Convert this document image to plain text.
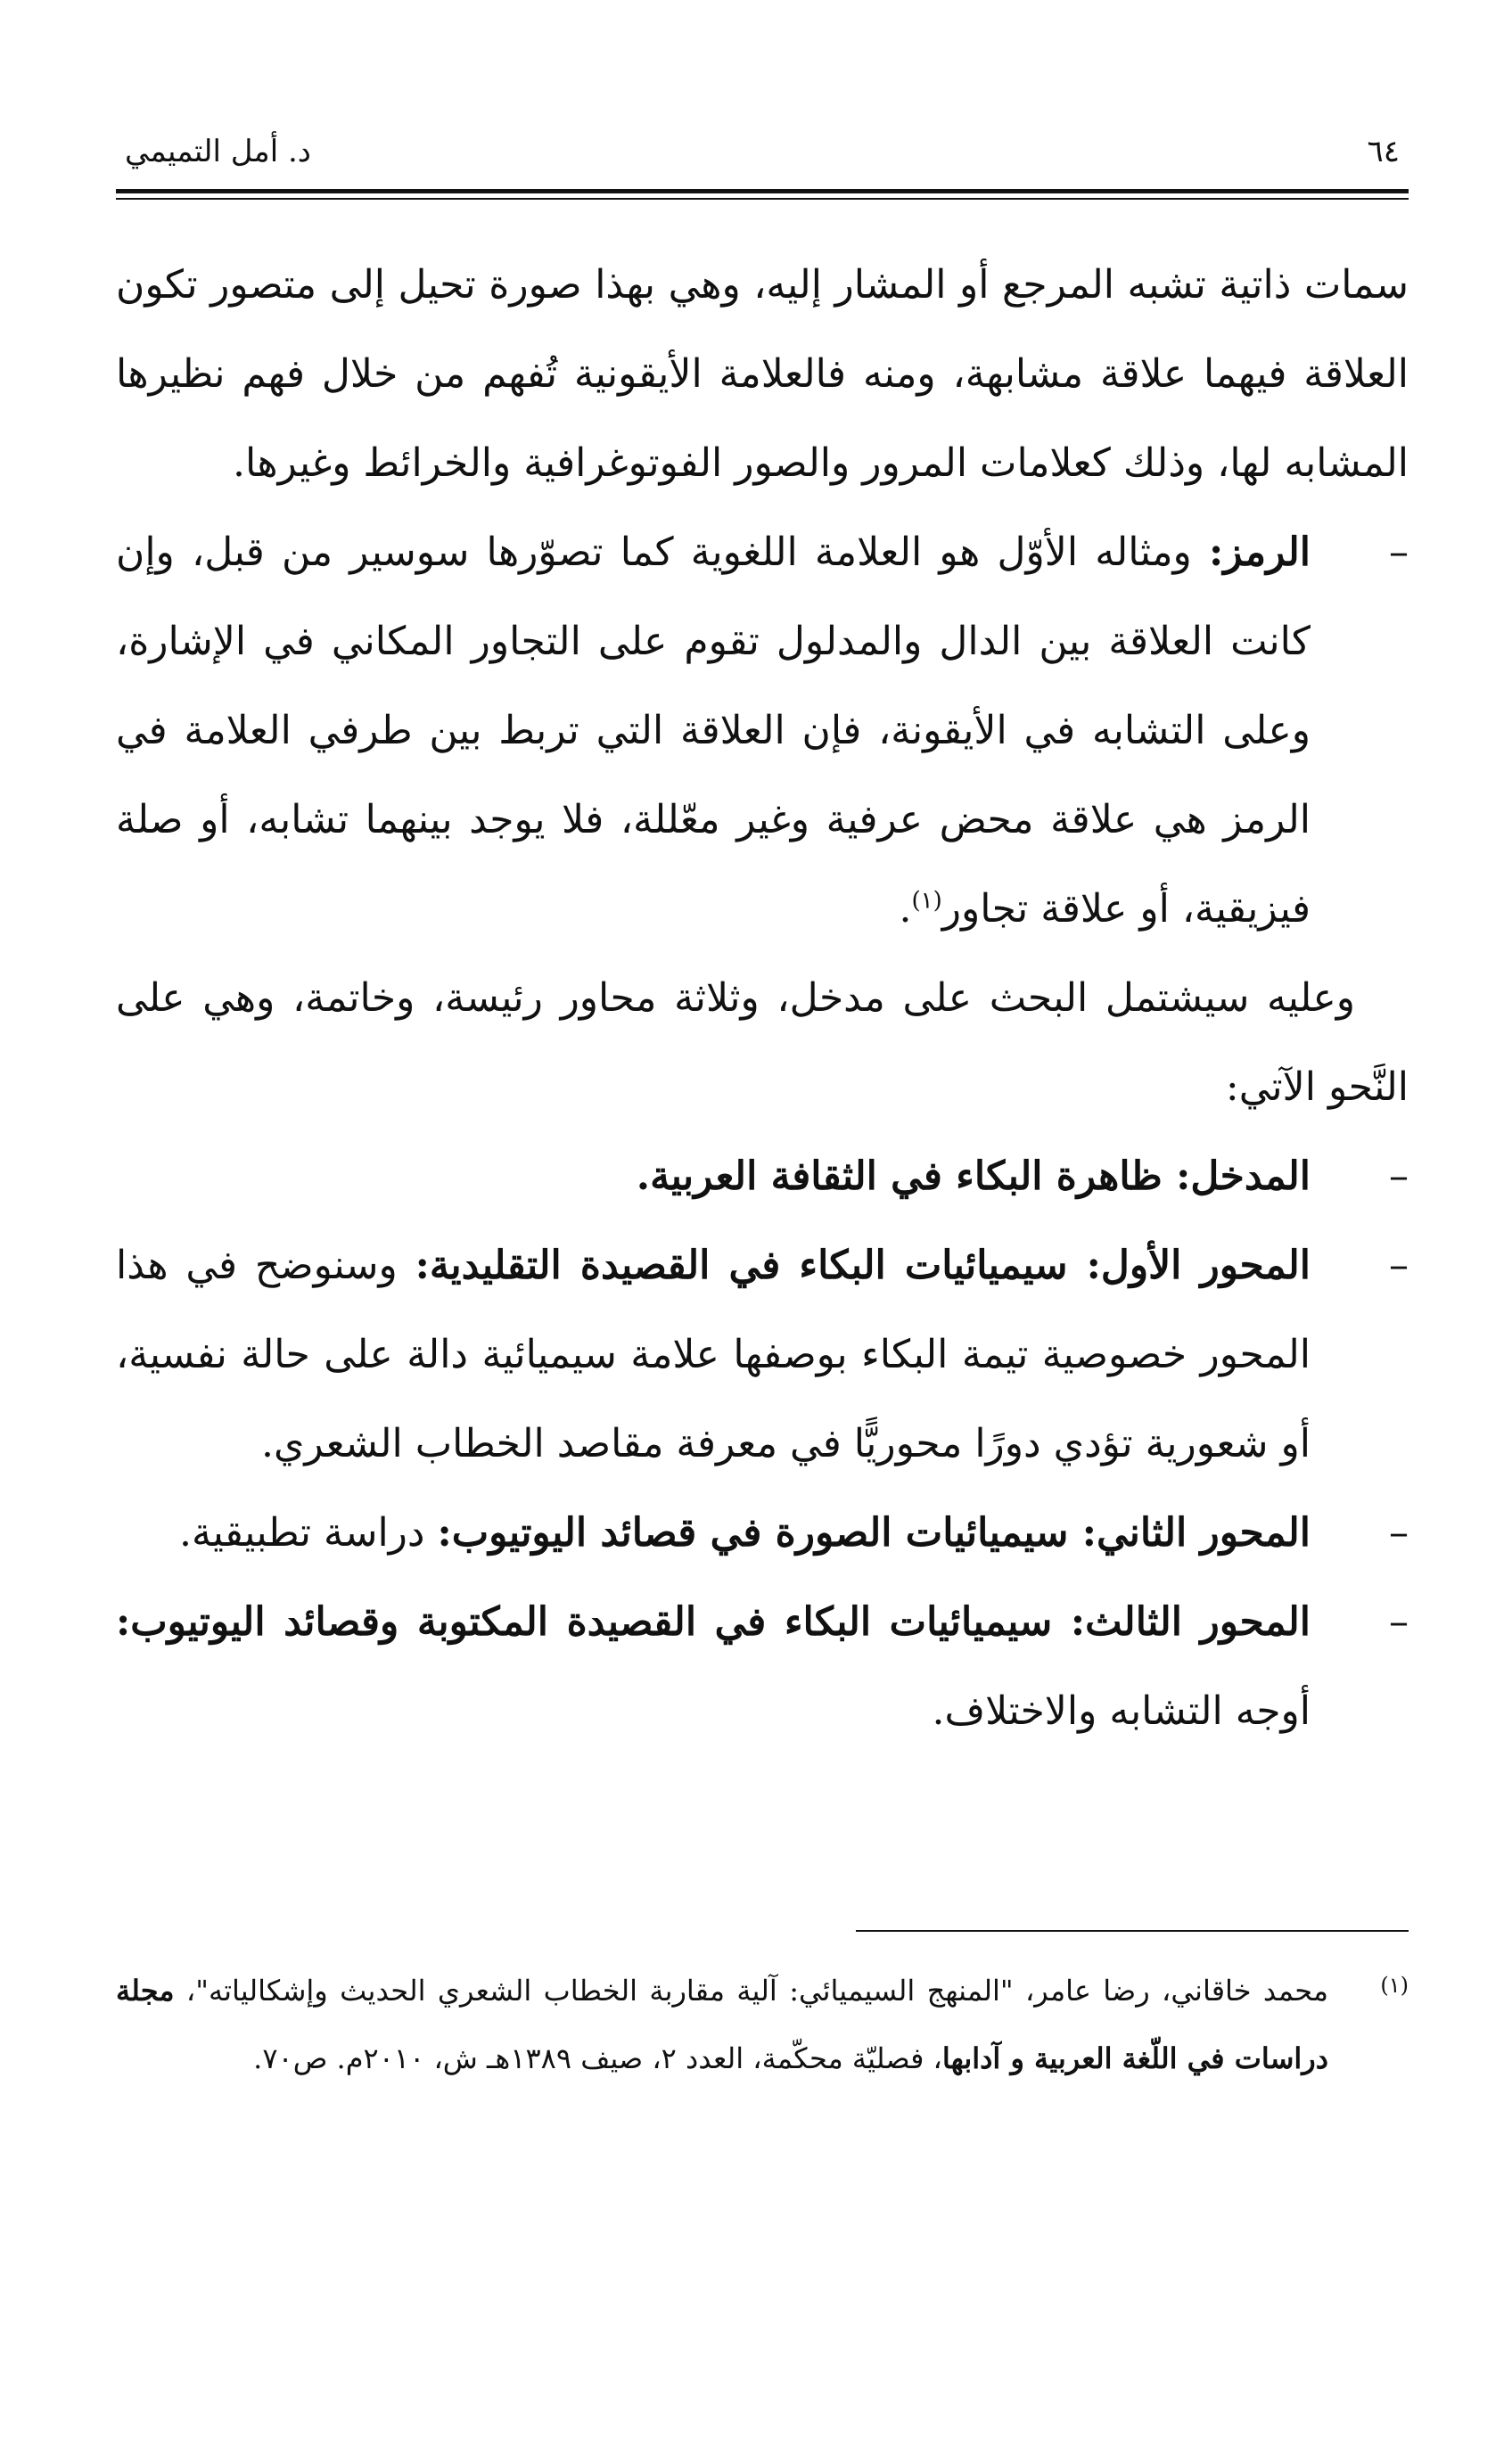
د. أمل التميمي	٦٤

سمات ذاتية تشبه المرجع أو المشار إليه، وهي بهذا صورة تحيل إلى متصور تكون العلاقة فيهما علاقة مشابهة، ومنه فالعلامة الأيقونية تُفهم من خلال فهم نظيرها المشابه لها، وذلك كعلامات المرور والصور الفوتوغرافية والخرائط وغيرها.

–
الرمز: ومثاله الأوّل هو العلامة اللغوية كما تصوّرها سوسير من قبل، وإن كانت العلاقة بين الدال والمدلول تقوم على التجاور المكاني في الإشارة، وعلى التشابه في الأيقونة، فإن العلاقة التي تربط بين طرفي العلامة في الرمز هي علاقة محض عرفية وغير معّللة، فلا يوجد بينهما تشابه، أو صلة فيزيقية، أو علاقة تجاور$^{(١)}$.

وعليه سيشتمل البحث على مدخل، وثلاثة محاور رئيسة، وخاتمة، وهي على النَّحو الآتي:

–
المدخل: ظاهرة البكاء في الثقافة العربية.

–
المحور الأول: سيميائيات البكاء في القصيدة التقليدية: وسنوضح في هذا المحور خصوصية تيمة البكاء بوصفها علامة سيميائية دالة على حالة نفسية، أو شعورية تؤدي دورًا محوريًّا في معرفة مقاصد الخطاب الشعري.

–
المحور الثاني: سيميائيات الصورة في قصائد اليوتيوب: دراسة تطبيقية.

–
المحور الثالث: سيميائيات البكاء في القصيدة المكتوبة وقصائد اليوتيوب: أوجه التشابه والاختلاف.

(١)

محمد خاقاني، رضا عامر، "المنهج السيميائي: آلية مقاربة الخطاب الشعري الحديث وإشكالياته"، مجلة دراسات في اللّغة العربية و آدابها، فصليّة محكّمة، العدد ٢، صيف ١٣٨٩هـ ش، ٢٠١٠م. ص٧٠.
